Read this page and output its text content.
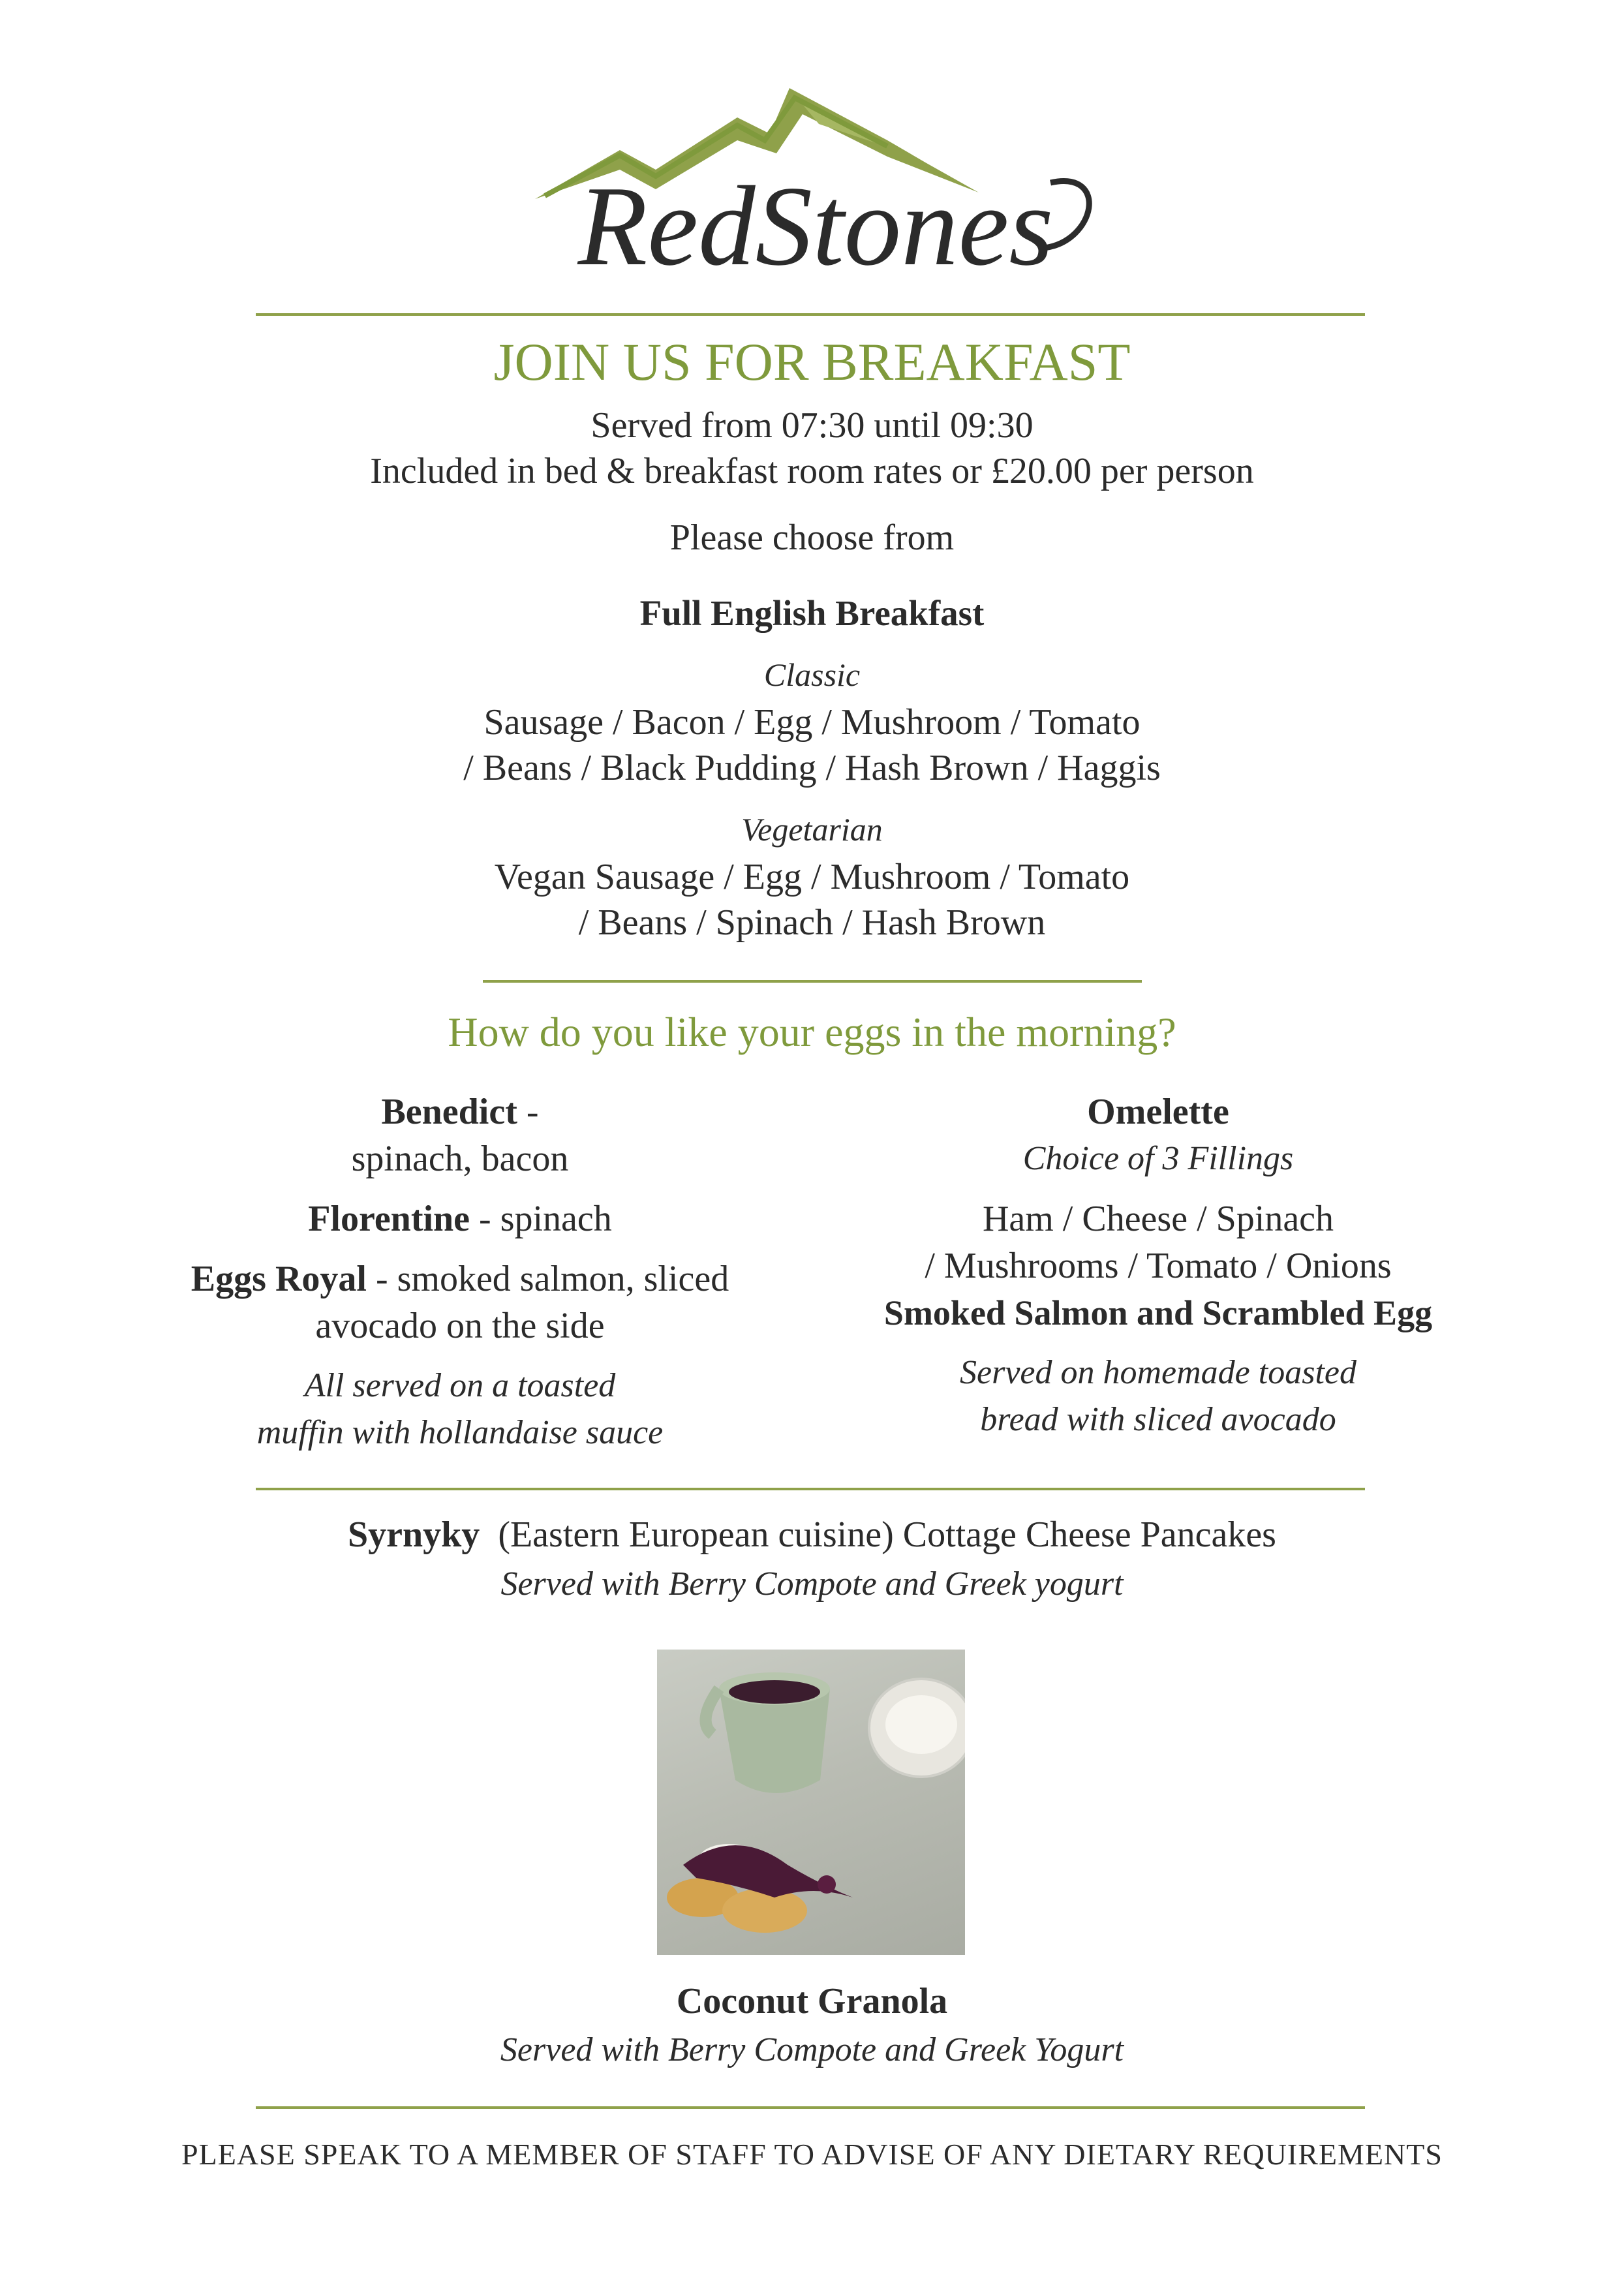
RedStones
JOIN US FOR BREAKFAST
Served from 07:30 until 09:30
Included in bed & breakfast room rates or £20.00 per person
Please choose from
Full English Breakfast
Classic
Sausage / Bacon / Egg / Mushroom / Tomato
/ Beans / Black Pudding / Hash Brown / Haggis
Vegetarian
Vegan Sausage / Egg / Mushroom / Tomato
/ Beans / Spinach / Hash Brown
How do you like your eggs in the morning?
Benedict -
spinach, bacon
Florentine - spinach
Eggs Royal - smoked salmon, sliced
avocado on the side
All served on a toasted
muffin with hollandaise sauce
Omelette
Choice of 3 Fillings
Ham / Cheese / Spinach
/ Mushrooms / Tomato / Onions
Smoked Salmon and Scrambled Egg
Served on homemade toasted
bread with sliced avocado
Syrnyky  (Eastern European cuisine) Cottage Cheese Pancakes
Served with Berry Compote and Greek yogurt
Coconut Granola
Served with Berry Compote and Greek Yogurt
PLEASE SPEAK TO A MEMBER OF STAFF TO ADVISE OF ANY DIETARY REQUIREMENTS
